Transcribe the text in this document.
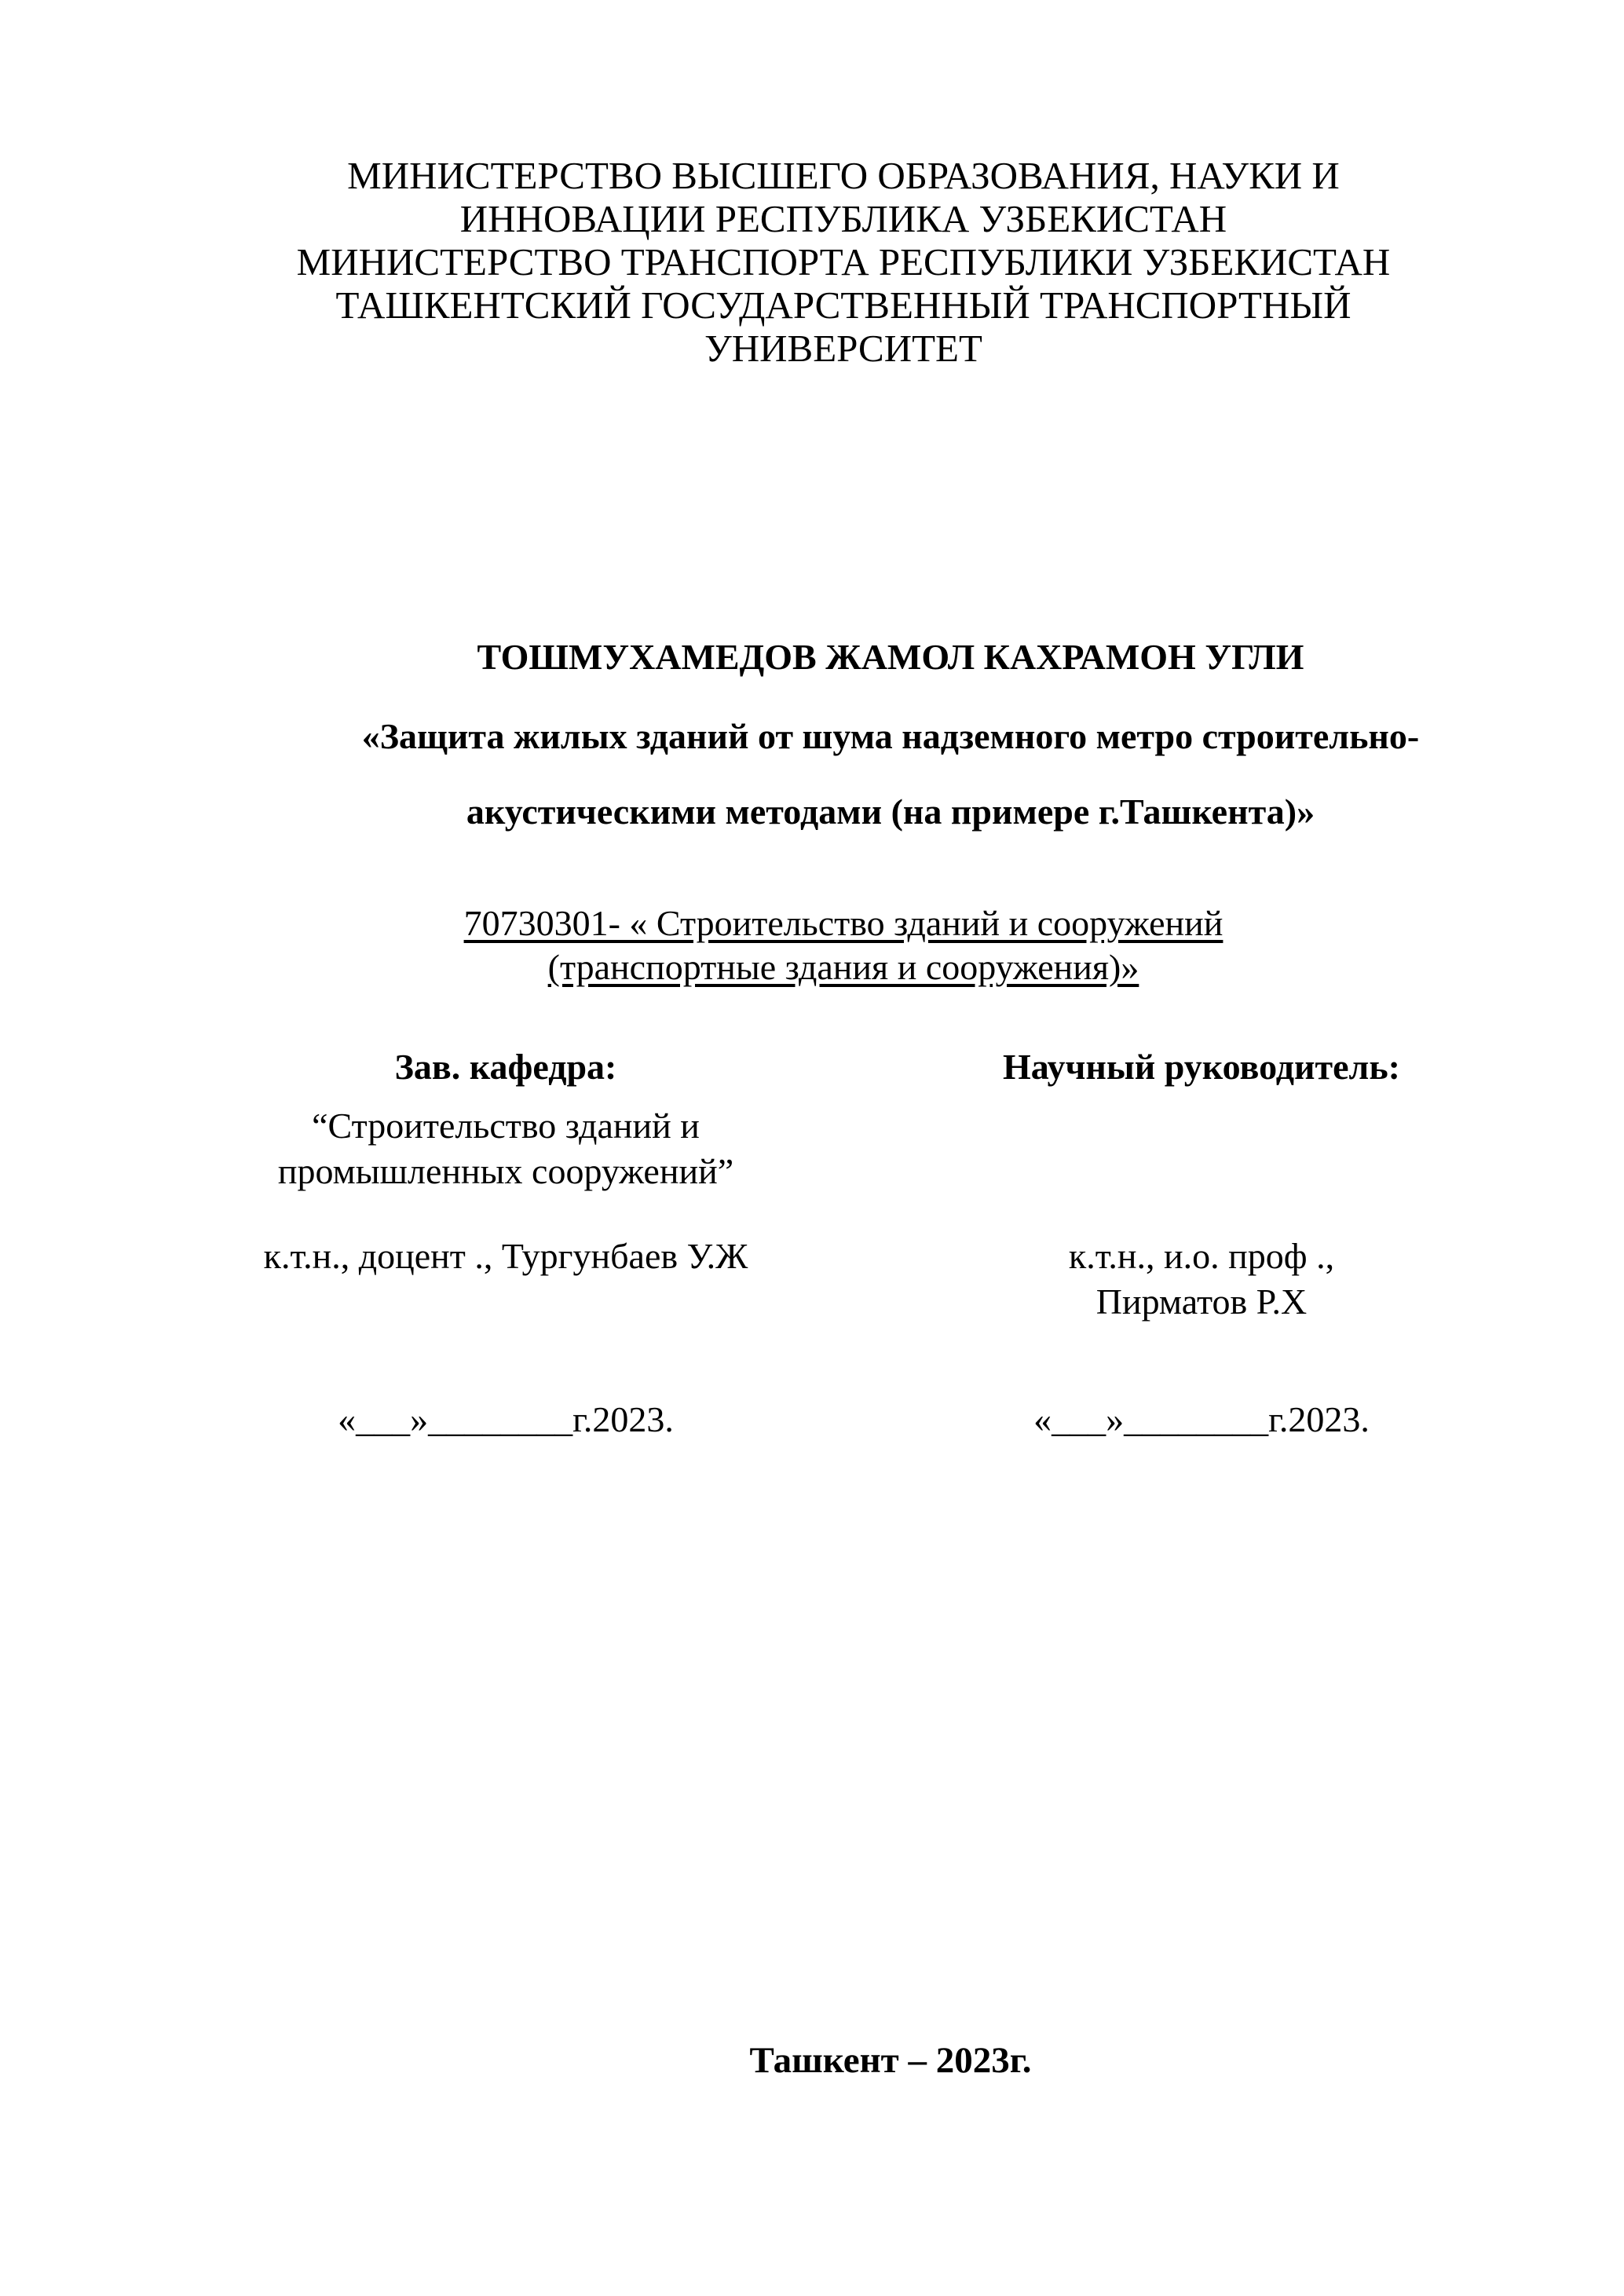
МИНИСТЕРСТВО ВЫСШЕГО ОБРАЗОВАНИЯ, НАУКИ И
ИННОВАЦИИ РЕСПУБЛИКА УЗБЕКИСТАН
МИНИСТЕРСТВО ТРАНСПОРТА РЕСПУБЛИКИ УЗБЕКИСТАН
ТАШКЕНТСКИЙ ГОСУДАРСТВЕННЫЙ ТРАНСПОРТНЫЙ
УНИВЕРСИТЕТ
ТОШМУХАМЕДОВ ЖАМОЛ КАХРАМОН УГЛИ
«Защита жилых зданий от шума надземного метро строительно-
акустическими методами (на примере г.Ташкента)»
70730301- « Строительство зданий и сооружений
(транспортные здания и сооружения)»
Зав. кафедра:
“Строительство зданий и
промышленных сооружений”
к.т.н., доцент ., Тургунбаев У.Ж
«___»________г.2023.
Научный руководитель:
к.т.н., и.о. проф .,
Пирматов Р.Х
«___»________г.2023.
Ташкент – 2023г.
